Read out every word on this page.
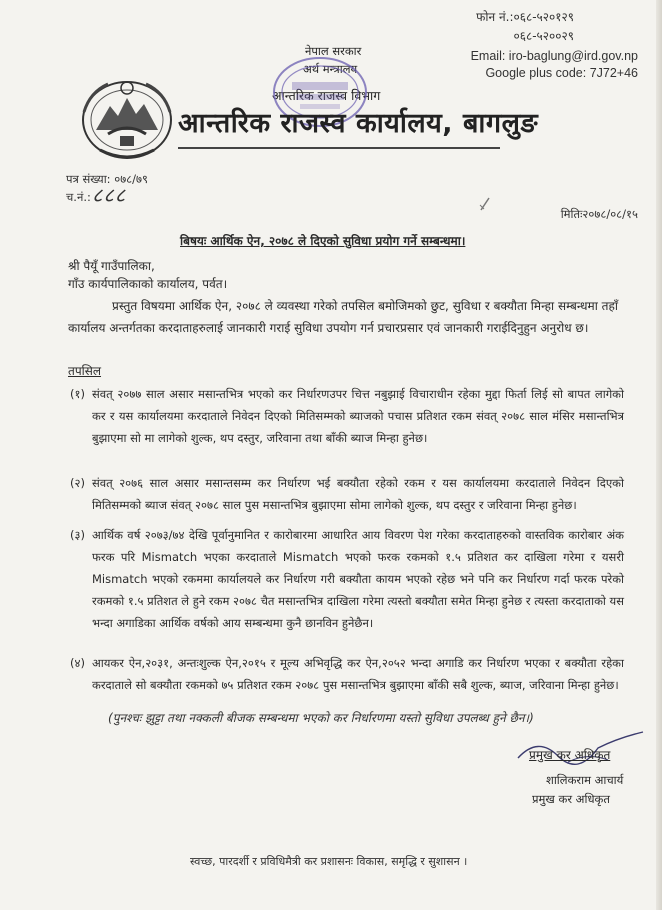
फोन नं.:०६८-५२०१२९
०६८-५२००२९
Email: iro-baglung@ird.gov.np
Google plus code: 7J72+46
नेपाल सरकार
अर्थ मन्त्रालय
आन्तरिक राजस्व विभाग
आन्तरिक राजस्व कार्यालय, बागलुङ
पत्र संख्या: ०७८/७९
च.नं.: ८८८
मितिः२०७८/०८/१५
बिषयः आर्थिक ऐन, २०७८ ले दिएको सुविधा प्रयोग गर्ने सम्बन्धमा।
श्री पैयूँ गाउँपालिका,
गाँउ कार्यपालिकाको कार्यालय, पर्वत।
प्रस्तुत विषयमा आर्थिक ऐन, २०७८ ले व्यवस्था गरेको तपसिल बमोजिमको छुट, सुविधा र बक्यौता मिन्हा सम्बन्धमा तहाँ कार्यालय अन्तर्गतका करदाताहरुलाई जानकारी गराई सुविधा उपयोग गर्न प्रचारप्रसार एवं जानकारी गराईदिनुहुन अनुरोध छ।
तपसिल
(१) संवत् २०७७ साल असार मसान्तभित्र भएको कर निर्धारणउपर चित्त नबुझाई विचाराधीन रहेका मुद्दा फिर्ता लिई सो बापत लागेको कर र यस कार्यालयमा करदाताले निवेदन दिएको मितिसम्मको ब्याजको पचास प्रतिशत रकम संवत् २०७८ साल मंसिर मसान्तभित्र बुझाएमा सो मा लागेको शुल्क, थप दस्तुर, जरिवाना तथा बाँकी ब्याज मिन्हा हुनेछ।
(२) संवत् २०७६ साल असार मसान्तसम्म कर निर्धारण भई बक्यौता रहेको रकम र यस कार्यालयमा करदाताले निवेदन दिएको मितिसम्मको ब्याज संवत् २०७८ साल पुस मसान्तभित्र बुझाएमा सोमा लागेको शुल्क, थप दस्तुर र जरिवाना मिन्हा हुनेछ।
(३) आर्थिक वर्ष २०७३/७४ देखि पूर्वानुमानित र कारोबारमा आधारित आय विवरण पेश गरेका करदाताहरुको वास्तविक कारोबार अंक फरक परि Mismatch भएका करदाताले Mismatch भएको फरक रकमको १.५ प्रतिशत कर दाखिला गरेमा र यसरी Mismatch भएको रकममा कार्यालयले कर निर्धारण गरी बक्यौता कायम भएको रहेछ भने पनि कर निर्धारण गर्दा फरक परेको रकमको १.५ प्रतिशत ले हुने रकम २०७८ चैत मसान्तभित्र दाखिला गरेमा त्यस्तो बक्यौता समेत मिन्हा हुनेछ र त्यस्ता करदाताको यस भन्दा अगाडिका आर्थिक वर्षको आय सम्बन्धमा कुनै छानविन हुनेछैन।
(४) आयकर ऐन,२०३१, अन्तःशुल्क ऐन,२०१५ र मूल्य अभिवृद्धि कर ऐन,२०५२ भन्दा अगाडि कर निर्धारण भएका र बक्यौता रहेका करदाताले सो बक्यौता रकमको ७५ प्रतिशत रकम २०७८ पुस मसान्तभित्र बुझाएमा बाँकी सबै शुल्क, ब्याज, जरिवाना मिन्हा हुनेछ।
(पुनश्चः झुट्टा तथा नक्कली बीजक सम्बन्धमा भएको कर निर्धारणमा यस्तो सुविधा उपलब्ध हुने छैन।)
प्रमुख कर अधिकृत
शालिकराम आचार्य
प्रमुख कर अधिकृत
स्वच्छ, पारदर्शी र प्रविधिमैत्री कर प्रशासनः विकास, समृद्धि र सुशासन ।
